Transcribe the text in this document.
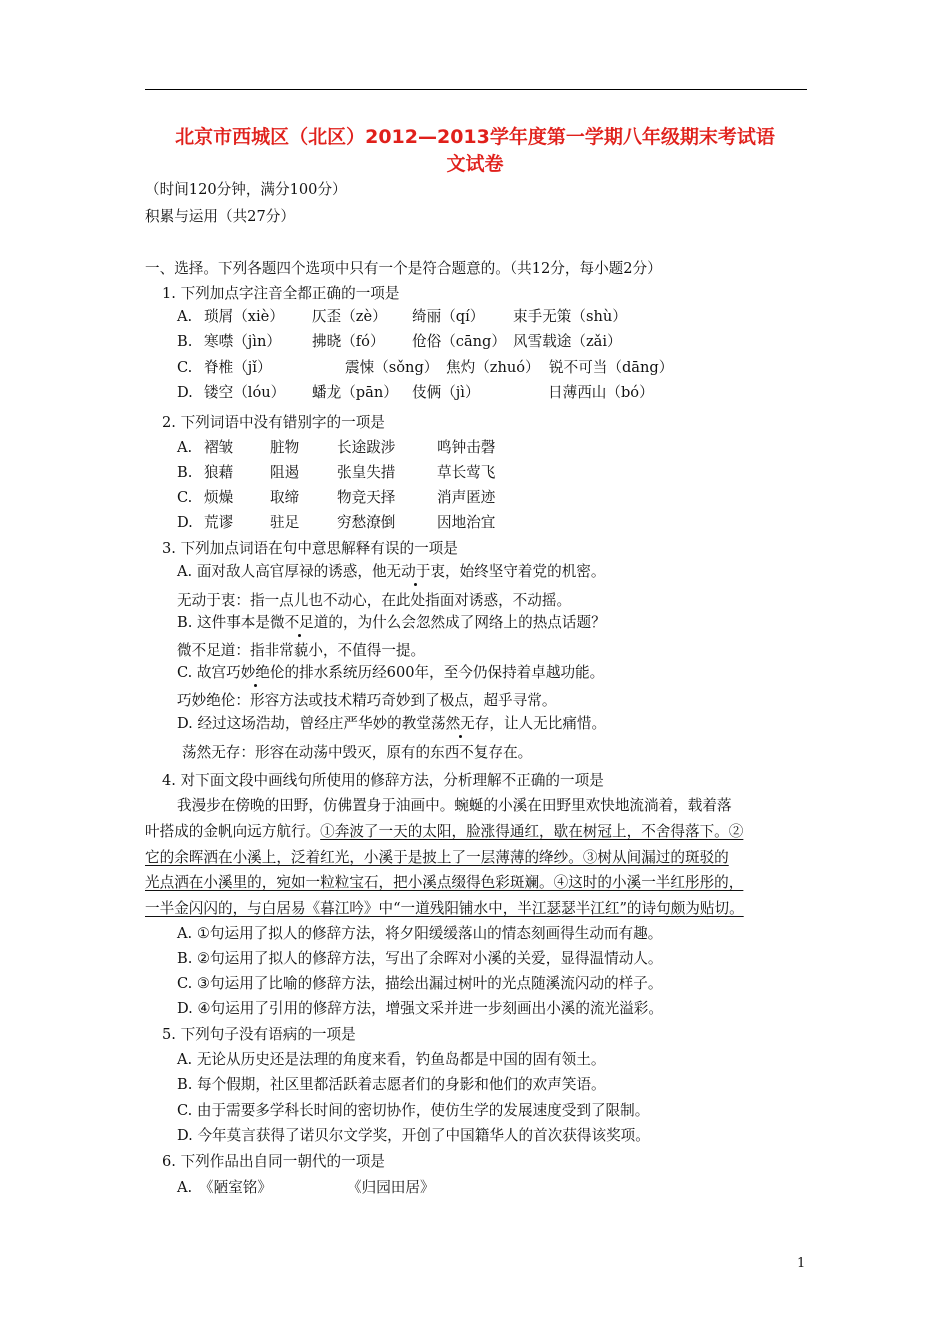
北京市西城区（北区）2012—2013学年度第一学期八年级期末考试语
文试卷
（时间120分钟，满分100分）
积累与运用（共27分）
一、选择。下列各题四个选项中只有一个是符合题意的。（共12分，每小题2分）
1. 下列加点字注音全都正确的一项是
A. 琐屑（xiè） 仄歪（zè） 绮丽（qí） 束手无策（shù）
B. 寒噤（jìn） 拂晓（fó） 伧俗（cāng） 风雪载途（zǎi）
C. 脊椎（jǐ）	震悚（sǒng） 焦灼（zhuó） 锐不可当（dāng）
D. 镂空（lóu） 蟠龙（pān） 伎俩（jì）	日薄西山（bó）
2. 下列词语中没有错别字的一项是
A. 褶皱	脏物	长途跋涉	鸣钟击磬
B. 狼藉	阻遏	张皇失措	草长莺飞
C. 烦燥	取缔	物竞天择	消声匿迹
D. 荒谬	驻足	穷愁潦倒	因地治宜
3. 下列加点词语在句中意思解释有误的一项是
A. 面对敌人高官厚禄的诱惑，他无动于衷，始终坚守着党的机密。
无动于衷：指一点儿也不动心，在此处指面对诱惑，不动摇。
B. 这件事本是微不足道的，为什么会忽然成了网络上的热点话题？
微不足道：指非常藐小，不值得一提。
C. 故宫巧妙绝伦的排水系统历经600年，至今仍保持着卓越功能。
巧妙绝伦：形容方法或技术精巧奇妙到了极点，超乎寻常。
D. 经过这场浩劫，曾经庄严华妙的教堂荡然无存，让人无比痛惜。
荡然无存：形容在动荡中毁灭，原有的东西不复存在。
4. 对下面文段中画线句所使用的修辞方法，分析理解不正确的一项是
我漫步在傍晚的田野，仿佛置身于油画中。蜿蜒的小溪在田野里欢快地流淌着，载着落
叶搭成的金帆向远方航行。①奔波了一天的太阳，脸涨得通红，歇在树冠上，不舍得落下。②
它的余晖洒在小溪上，泛着红光，小溪于是披上了一层薄薄的绛纱。③树从间漏过的斑驳的
光点洒在小溪里的，宛如一粒粒宝石，把小溪点缀得色彩斑斓。④这时的小溪一半红彤彤的，
一半金闪闪的，与白居易《暮江吟》中“一道残阳铺水中，半江瑟瑟半江红”的诗句颇为贴切。
A. ①句运用了拟人的修辞方法，将夕阳缓缓落山的情态刻画得生动而有趣。
B. ②句运用了拟人的修辞方法，写出了余晖对小溪的关爱，显得温情动人。
C. ③句运用了比喻的修辞方法，描绘出漏过树叶的光点随溪流闪动的样子。
D. ④句运用了引用的修辞方法，增强文采并进一步刻画出小溪的流光溢彩。
5. 下列句子没有语病的一项是
A. 无论从历史还是法理的角度来看，钓鱼岛都是中国的固有领土。
B. 每个假期，社区里都活跃着志愿者们的身影和他们的欢声笑语。
C. 由于需要多学科长时间的密切协作，使仿生学的发展速度受到了限制。
D. 今年莫言获得了诺贝尔文学奖，开创了中国籍华人的首次获得该奖项。
6. 下列作品出自同一朝代的一项是
A. 《陋室铭》	《归园田居》
1
